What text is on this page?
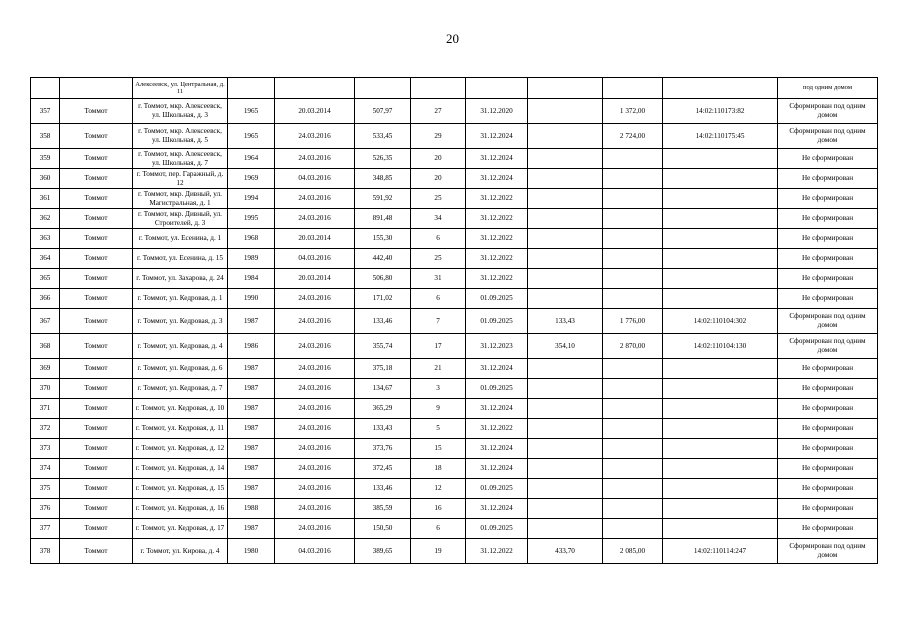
20
		Алексеевск, ул. Центральная, д. 11									под одним домом
357	Томмот	г. Томмот, мкр. Алексеевск, ул. Школьная, д. 3	1965	20.03.2014	507,97	27	31.12.2020		1 372,00	14:02:110173:82	Сформирован под одним домом
358	Томмот	г. Томмот, мкр. Алексеевск, ул. Школьная, д. 5	1965	24.03.2016	533,45	29	31.12.2024		2 724,00	14:02:110175:45	Сформирован под одним домом
359	Томмот	г. Томмот, мкр. Алексеевск, ул. Школьная, д. 7	1964	24.03.2016	526,35	20	31.12.2024				Не сформирован
360	Томмот	г. Томмот, пер. Гаражный, д. 12	1969	04.03.2016	348,85	20	31.12.2024				Не сформирован
361	Томмот	г. Томмот, мкр. Дивный, ул. Магистральная, д. 1	1994	24.03.2016	591,92	25	31.12.2022				Не сформирован
362	Томмот	г. Томмот, мкр. Дивный, ул. Строителей, д. 3	1995	24.03.2016	891,48	34	31.12.2022				Не сформирован
363	Томмот	г. Томмот, ул. Есенина, д. 1	1968	20.03.2014	155,30	6	31.12.2022				Не сформирован
364	Томмот	г. Томмот, ул. Есенина, д. 15	1989	04.03.2016	442,40	25	31.12.2022				Не сформирован
365	Томмот	г. Томмот, ул. Захарова, д. 24	1984	20.03.2014	506,80	31	31.12.2022				Не сформирован
366	Томмот	г. Томмот, ул. Кедровая, д. 1	1990	24.03.2016	171,02	6	01.09.2025				Не сформирован
367	Томмот	г. Томмот, ул. Кедровая, д. 3	1987	24.03.2016	133,46	7	01.09.2025	133,43	1 776,00	14:02:110104:302	Сформирован под одним домом
368	Томмот	г. Томмот, ул. Кедровая, д. 4	1986	24.03.2016	355,74	17	31.12.2023	354,10	2 870,00	14:02:110104:130	Сформирован под одним домом
369	Томмот	г. Томмот, ул. Кедровая, д. 6	1987	24.03.2016	375,18	21	31.12.2024				Не сформирован
370	Томмот	г. Томмот, ул. Кедровая, д. 7	1987	24.03.2016	134,67	3	01.09.2025				Не сформирован
371	Томмот	г. Томмот, ул. Кедровая, д. 10	1987	24.03.2016	365,29	9	31.12.2024				Не сформирован
372	Томмот	г. Томмот, ул. Кедровая, д. 11	1987	24.03.2016	133,43	5	31.12.2022				Не сформирован
373	Томмот	г. Томмот, ул. Кедровая, д. 12	1987	24.03.2016	373,76	15	31.12.2024				Не сформирован
374	Томмот	г. Томмот, ул. Кедровая, д. 14	1987	24.03.2016	372,45	18	31.12.2024				Не сформирован
375	Томмот	г. Томмот, ул. Кедровая, д. 15	1987	24.03.2016	133,46	12	01.09.2025				Не сформирован
376	Томмот	г. Томмот, ул. Кедровая, д. 16	1988	24.03.2016	385,59	16	31.12.2024				Не сформирован
377	Томмот	г. Томмот, ул. Кедровая, д. 17	1987	24.03.2016	150,50	6	01.09.2025				Не сформирован
378	Томмот	г. Томмот, ул. Кирова, д. 4	1980	04.03.2016	389,65	19	31.12.2022	433,70	2 085,00	14:02:110114:247	Сформирован под одним домом
